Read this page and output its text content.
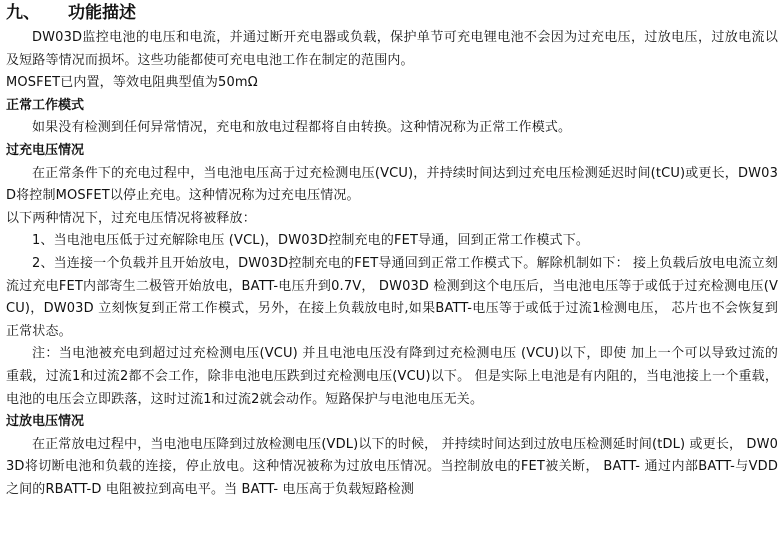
九、 功能描述

DW03D监控电池的电压和电流，并通过断开充电器或负载，保护单节可充电锂电池不会因为过充电压，过放电压，过放电流以及短路等情况而损坏。这些功能都使可充电电池工作在制定的范围内。

MOSFET已内置，等效电阻典型值为50mΩ

正常工作模式

如果没有检测到任何异常情况，充电和放电过程都将自由转换。这种情况称为正常工作模式。

过充电压情况

在正常条件下的充电过程中，当电池电压高于过充检测电压(VCU)，并持续时间达到过充电压检测延迟时间(tCU)或更长，DW03D将控制MOSFET以停止充电。这种情况称为过充电压情况。

以下两种情况下，过充电压情况将被释放：

1、当电池电压低于过充解除电压 (VCL)，DW03D控制充电的FET导通，回到正常工作模式下。

2、当连接一个负载并且开始放电，DW03D控制充电的FET导通回到正常工作模式下。解除机制如下： 接上负载后放电电流立刻流过充电FET内部寄生二极管开始放电，BATT-电压升到0.7V， DW03D 检测到这个电压后，当电池电压等于或低于过充检测电压(VCU)，DW03D 立刻恢复到正常工作模式，另外，在接上负载放电时,如果BATT-电压等于或低于过流1检测电压， 芯片也不会恢复到正常状态。

注：当电池被充电到超过过充检测电压(VCU) 并且电池电压没有降到过充检测电压 (VCU)以下，即使 加上一个可以导致过流的重载，过流1和过流2都不会工作，除非电池电压跌到过充检测电压(VCU)以下。 但是实际上电池是有内阻的，当电池接上一个重载，电池的电压会立即跌落，这时过流1和过流2就会动作。短路保护与电池电压无关。

过放电压情况

在正常放电过程中，当电池电压降到过放检测电压(VDL)以下的时候， 并持续时间达到过放电压检测延时间(tDL) 或更长， DW03D将切断电池和负载的连接，停止放电。这种情况被称为过放电压情况。当控制放电的FET被关断， BATT- 通过内部BATT-与VDD之间的RBATT-D 电阻被拉到高电平。当 BATT- 电压高于负载短路检测
